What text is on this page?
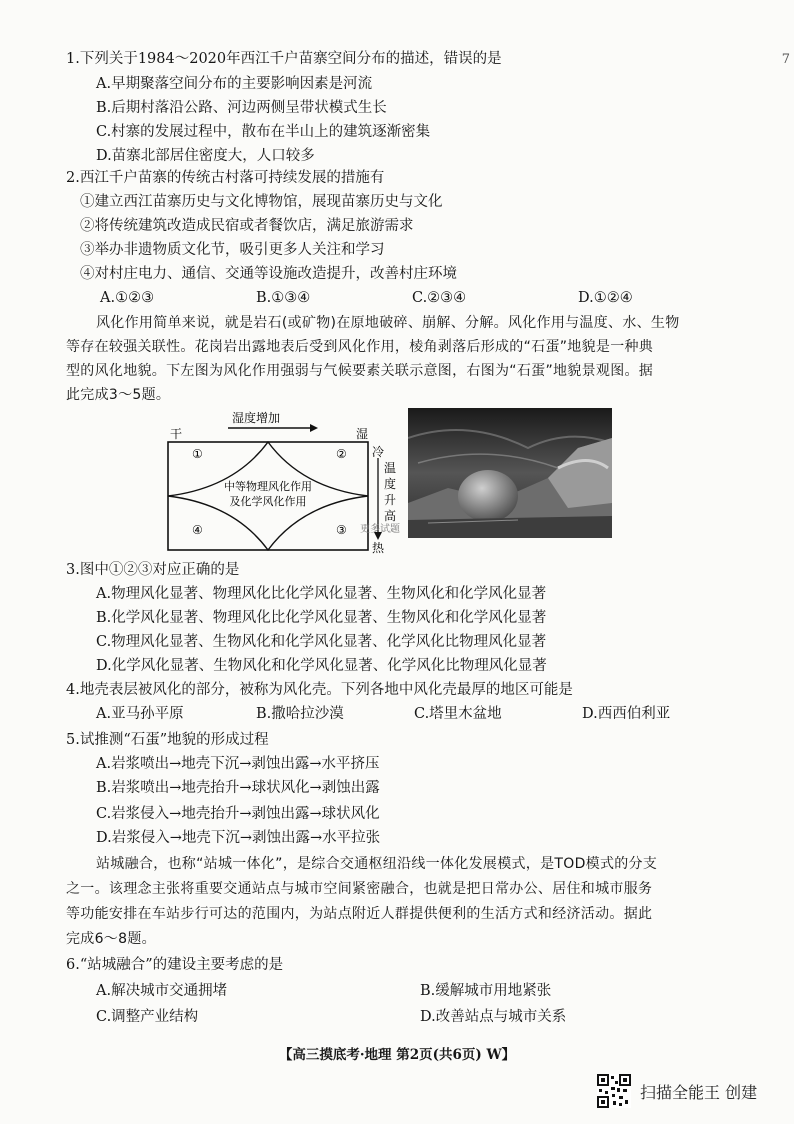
7
1.下列关于1984～2020年西江千户苗寨空间分布的描述，错误的是
A.早期聚落空间分布的主要影响因素是河流
B.后期村落沿公路、河边两侧呈带状模式生长
C.村寨的发展过程中，散布在半山上的建筑逐渐密集
D.苗寨北部居住密度大，人口较多
2.西江千户苗寨的传统古村落可持续发展的措施有
①建立西江苗寨历史与文化博物馆，展现苗寨历史与文化
②将传统建筑改造成民宿或者餐饮店，满足旅游需求
③举办非遗物质文化节，吸引更多人关注和学习
④对村庄电力、通信、交通等设施改造提升，改善村庄环境
A.①②③	B.①③④	C.②③④	D.①②④
风化作用简单来说，就是岩石(或矿物)在原地破碎、崩解、分解。风化作用与温度、水、生物
等存在较强关联性。花岗岩出露地表后受到风化作用，棱角剥落后形成的“石蛋”地貌是一种典
型的风化地貌。下左图为风化作用强弱与气候要素关联示意图，右图为“石蛋”地貌景观图。据
此完成3～5题。
湿度增加
干	湿
①	②
③
④
中等物理风化作用
及化学风化作用
冷
温
度
升
高
热
更多试题
3.图中①②③对应正确的是
A.物理风化显著、物理风化比化学风化显著、生物风化和化学风化显著
B.化学风化显著、物理风化比化学风化显著、生物风化和化学风化显著
C.物理风化显著、生物风化和化学风化显著、化学风化比物理风化显著
D.化学风化显著、生物风化和化学风化显著、化学风化比物理风化显著
4.地壳表层被风化的部分，被称为风化壳。下列各地中风化壳最厚的地区可能是
A.亚马孙平原	B.撒哈拉沙漠	C.塔里木盆地	D.西西伯利亚
5.试推测“石蛋”地貌的形成过程
A.岩浆喷出→地壳下沉→剥蚀出露→水平挤压
B.岩浆喷出→地壳抬升→球状风化→剥蚀出露
C.岩浆侵入→地壳抬升→剥蚀出露→球状风化
D.岩浆侵入→地壳下沉→剥蚀出露→水平拉张
站城融合，也称“站城一体化”，是综合交通枢纽沿线一体化发展模式，是TOD模式的分支
之一。该理念主张将重要交通站点与城市空间紧密融合，也就是把日常办公、居住和城市服务
等功能安排在车站步行可达的范围内，为站点附近人群提供便利的生活方式和经济活动。据此
完成6～8题。
6.“站城融合”的建设主要考虑的是
A.解决城市交通拥堵	B.缓解城市用地紧张
C.调整产业结构	D.改善站点与城市关系
【高三摸底考·地理 第2页(共6页) W】
扫描全能王 创建
